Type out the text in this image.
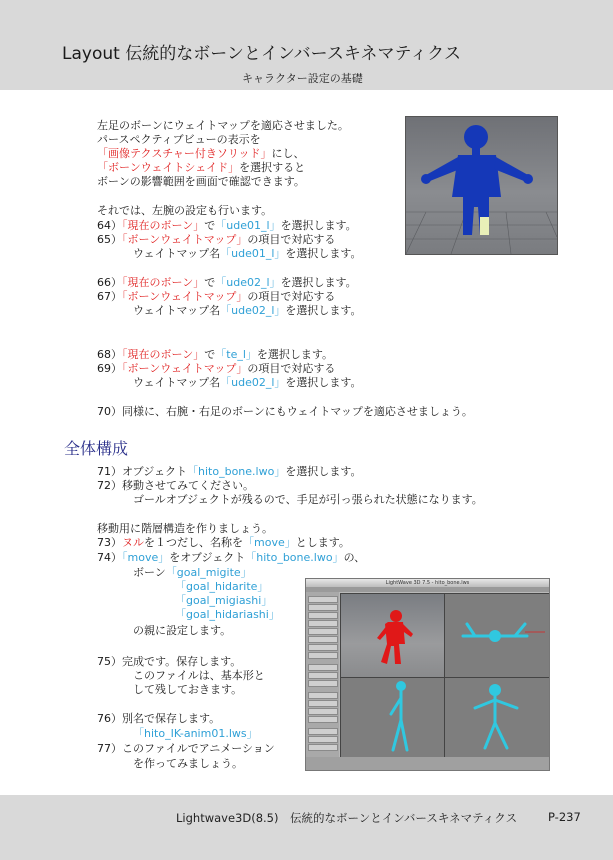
Layout 伝統的なボーンとインバースキネマティクス
キャラクター設定の基礎
左足のボーンにウェイトマップを適応させました。
パースペクティブビューの表示を
「画像テクスチャー付きソリッド」にし、
「ボーンウェイトシェイド」を選択すると
ボーンの影響範囲を画面で確認できます。
それでは、左腕の設定も行います。
64）「現在のボーン」で「ude01_l」を選択します。
65）「ボーンウェイトマップ」の項目で対応する
ウェイトマップ名「ude01_l」を選択します。
66）「現在のボーン」で「ude02_l」を選択します。
67）「ボーンウェイトマップ」の項目で対応する
ウェイトマップ名「ude02_l」を選択します。
68）「現在のボーン」で「te_l」を選択します。
69）「ボーンウェイトマップ」の項目で対応する
ウェイトマップ名「ude02_l」を選択します。
70）同様に、右腕・右足のボーンにもウェイトマップを適応させましょう。
全体構成
71）オブジェクト「hito_bone.lwo」を選択します。
72）移動させてみてください。
ゴールオブジェクトが残るので、手足が引っ張られた状態になります。
移動用に階層構造を作りましょう。
73）ヌルを１つだし、名称を「move」とします。
74）「move」をオブジェクト「hito_bone.lwo」の、
ボーン「goal_migite」
「goal_hidarite」
「goal_migiashi」
「goal_hidariashi」
の親に設定します。
75）完成です。保存します。
このファイルは、基本形と
して残しておきます。
76）別名で保存します。
「hito_IK-anim01.lws」
77）このファイルでアニメーション
を作ってみましょう。
LightWave 3D 7.5 - hito_bone.lws
Lightwave3D(8.5)　伝統的なボーンとインバースキネマティクス	P-237
